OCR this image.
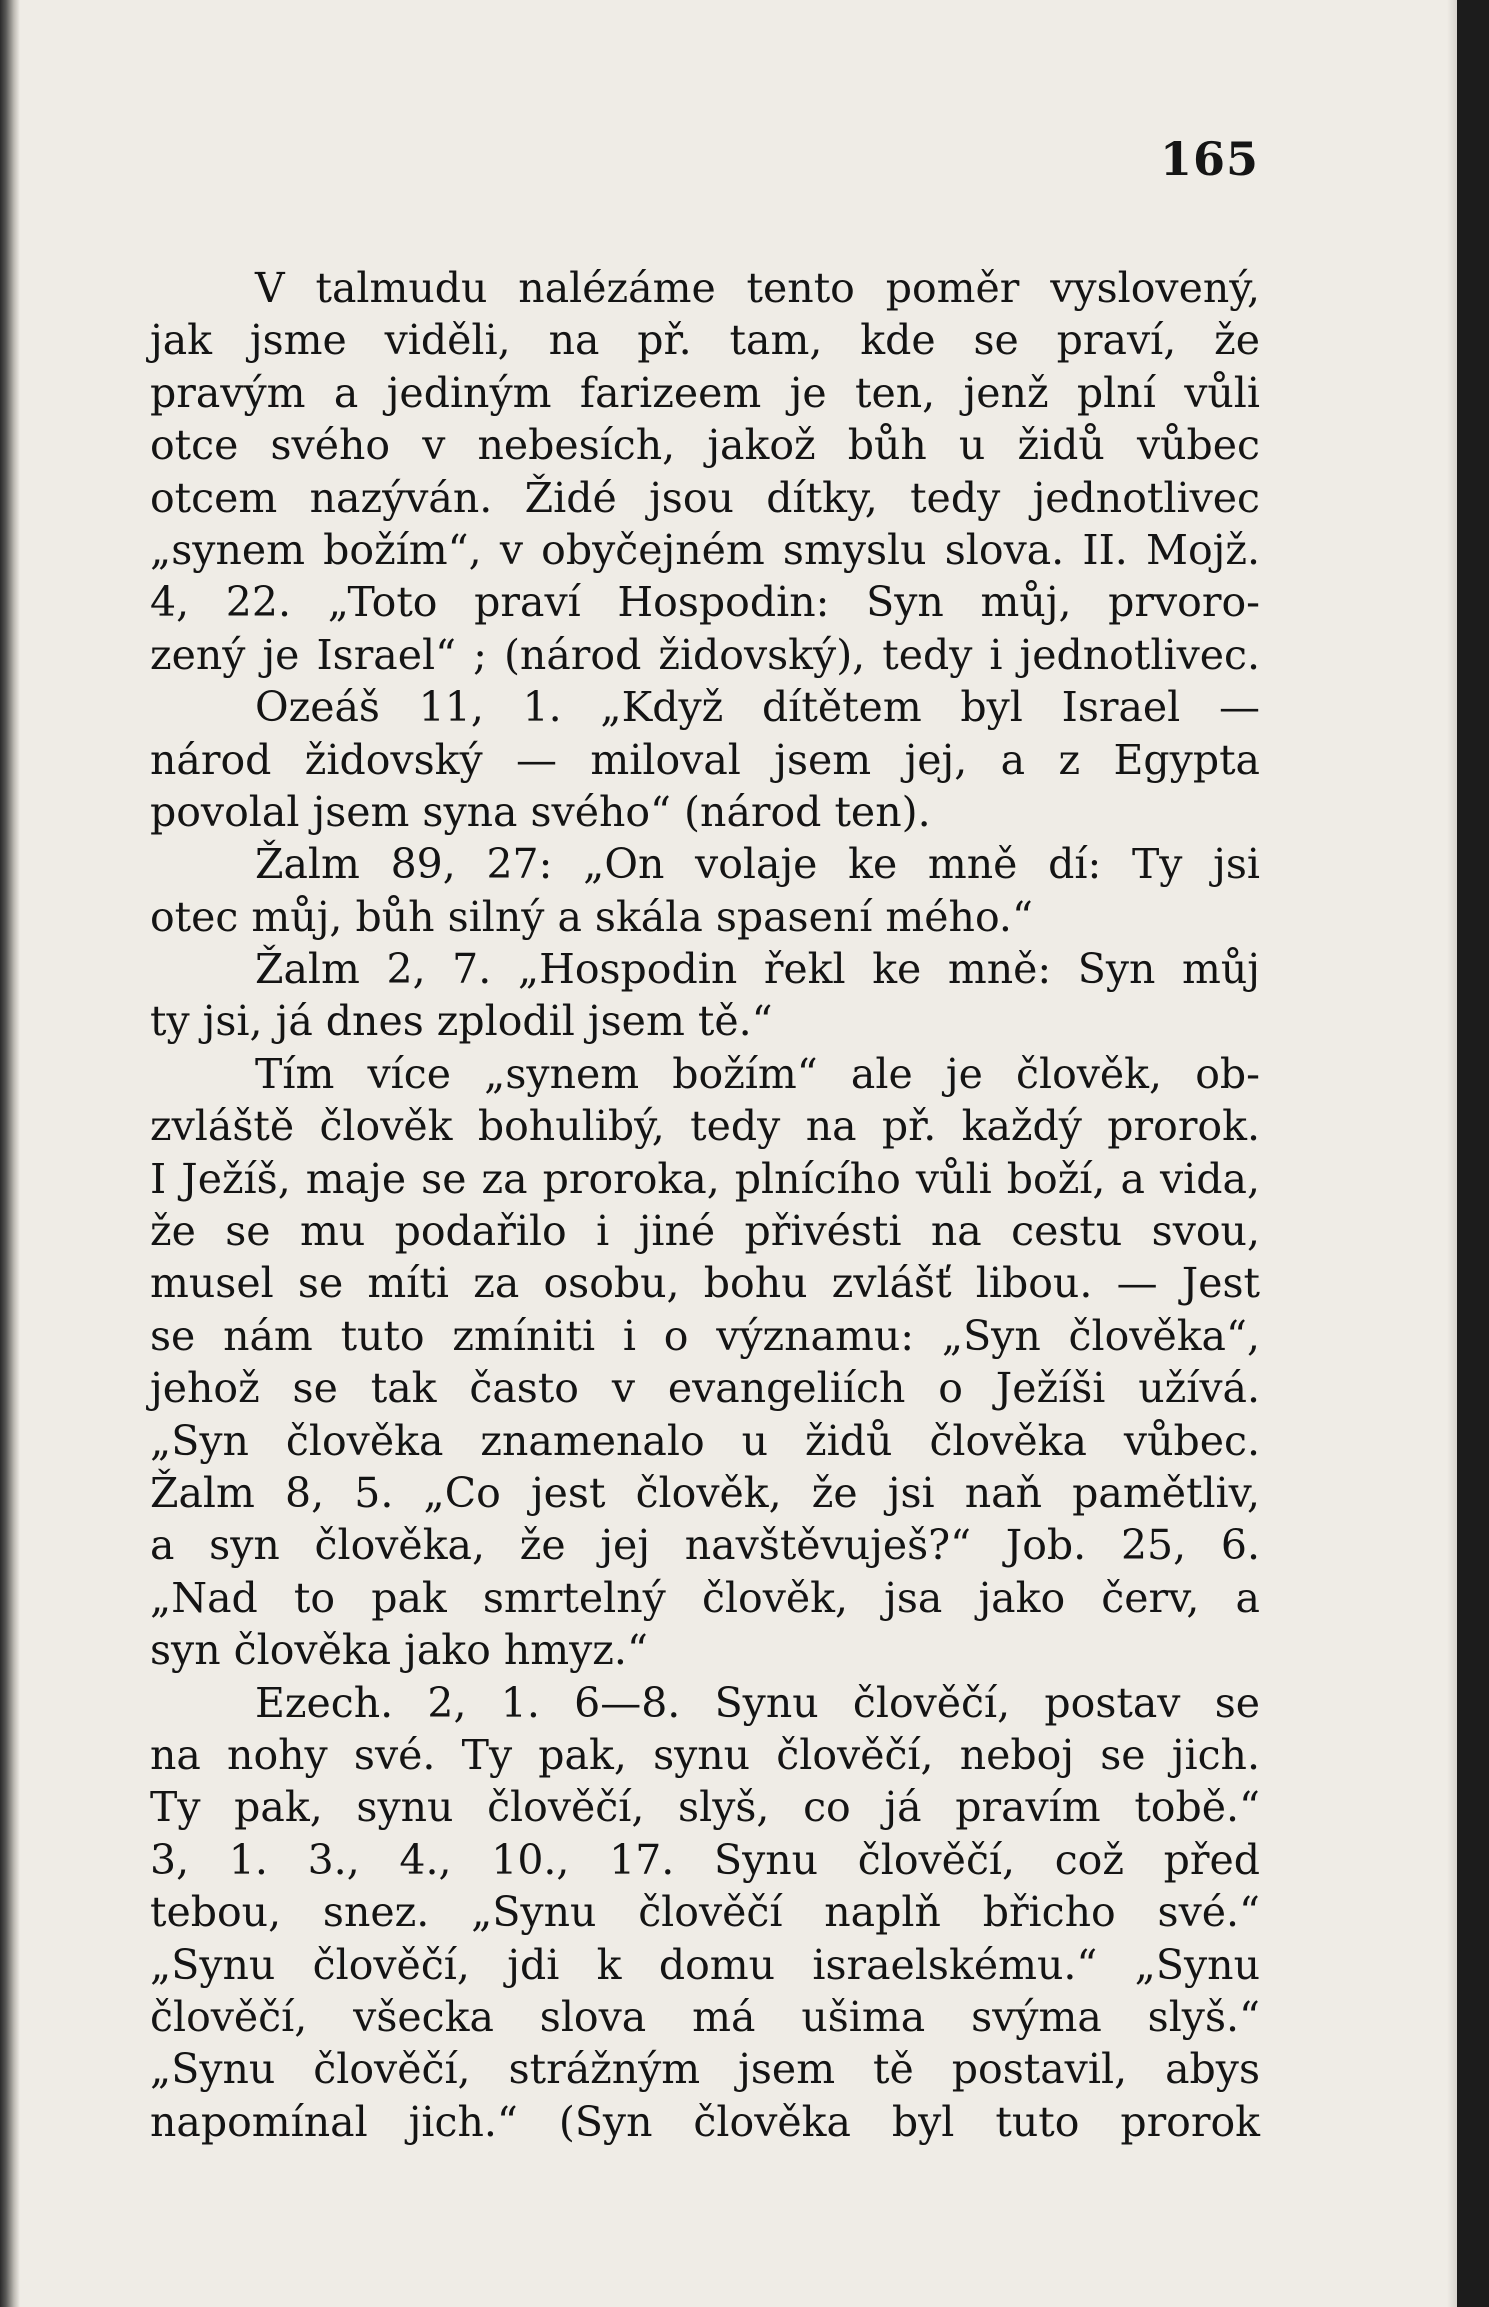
165
V talmudu nalézáme tento poměr vyslovený,
jak jsme viděli, na př. tam, kde se praví, že
pravým a jediným farizeem je ten, jenž plní vůli
otce svého v nebesích, jakož bůh u židů vůbec
otcem nazýván. Židé jsou dítky, tedy jednotlivec
„synem božím“, v obyčejném smyslu slova. II. Mojž.
4, 22. „Toto praví Hospodin: Syn můj, prvoro-
zený je Israel“ ; (národ židovský), tedy i jednotlivec.
Ozeáš 11, 1. „Když dítětem byl Israel —
národ židovský — miloval jsem jej, a z Egypta
povolal jsem syna svého“ (národ ten).
Žalm 89, 27: „On volaje ke mně dí: Ty jsi
otec můj, bůh silný a skála spasení mého.“
Žalm 2, 7. „Hospodin řekl ke mně: Syn můj
ty jsi, já dnes zplodil jsem tě.“
Tím více „synem božím“ ale je člověk, ob-
zvláště člověk bohulibý, tedy na př. každý prorok.
I Ježíš, maje se za proroka, plnícího vůli boží, a vida,
že se mu podařilo i jiné přivésti na cestu svou,
musel se míti za osobu, bohu zvlášť libou. — Jest
se nám tuto zmíniti i o významu: „Syn člověka“,
jehož se tak často v evangeliích o Ježíši užívá.
„Syn člověka znamenalo u židů člověka vůbec.
Žalm 8, 5. „Co jest člověk, že jsi naň pamětliv,
a syn člověka, že jej navštěvuješ?“ Job. 25, 6.
„Nad to pak smrtelný člověk, jsa jako červ, a
syn člověka jako hmyz.“
Ezech. 2, 1. 6—8. Synu člověčí, postav se
na nohy své. Ty pak, synu člověčí, neboj se jich.
Ty pak, synu člověčí, slyš, co já pravím tobě.“
3, 1. 3., 4., 10., 17. Synu člověčí, což před
tebou, snez. „Synu člověčí naplň břicho své.“
„Synu člověčí, jdi k domu israelskému.“ „Synu
člověčí, všecka slova má ušima svýma slyš.“
„Synu člověčí, strážným jsem tě postavil, abys
napomínal jich.“ (Syn člověka byl tuto prorok
